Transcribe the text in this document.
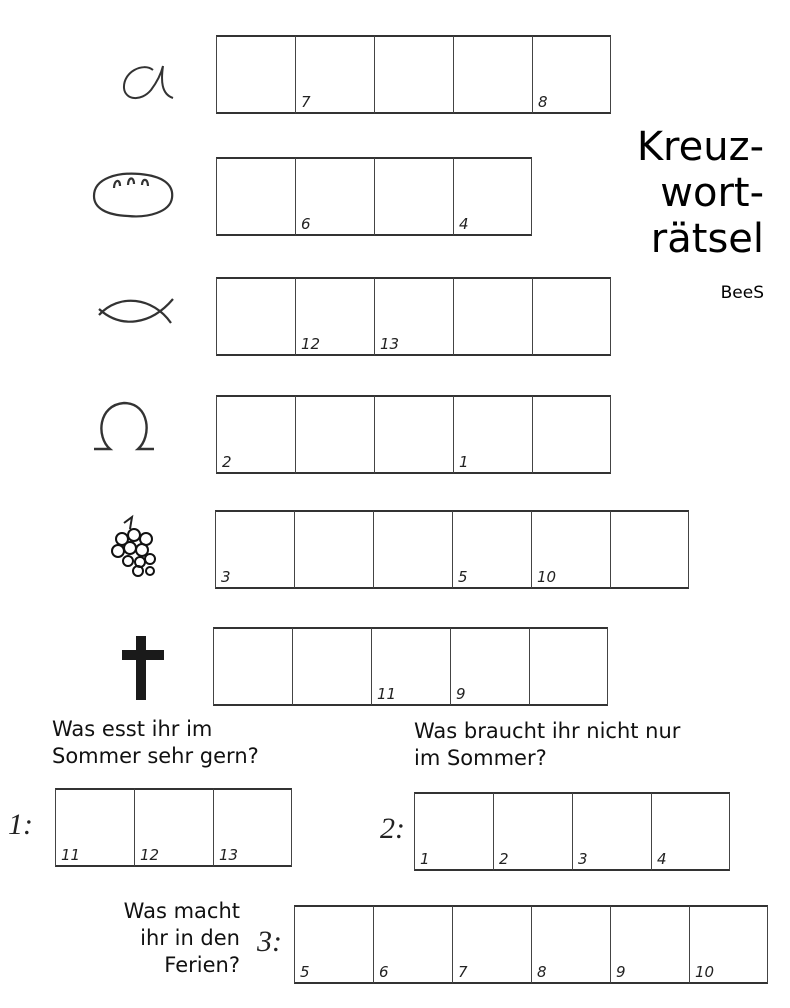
Kreuz-
wort-
rätsel
BeeS
7	8
6	4
12	13
2	1
3	5	10
11	9
Was esst ihr im
Sommer sehr gern?
Was braucht ihr nicht nur
im Sommer?
Was macht
ihr in den
Ferien?
1:	2:
3:
11	12	13	1	2	3	4
5	6	7	8	9	10
